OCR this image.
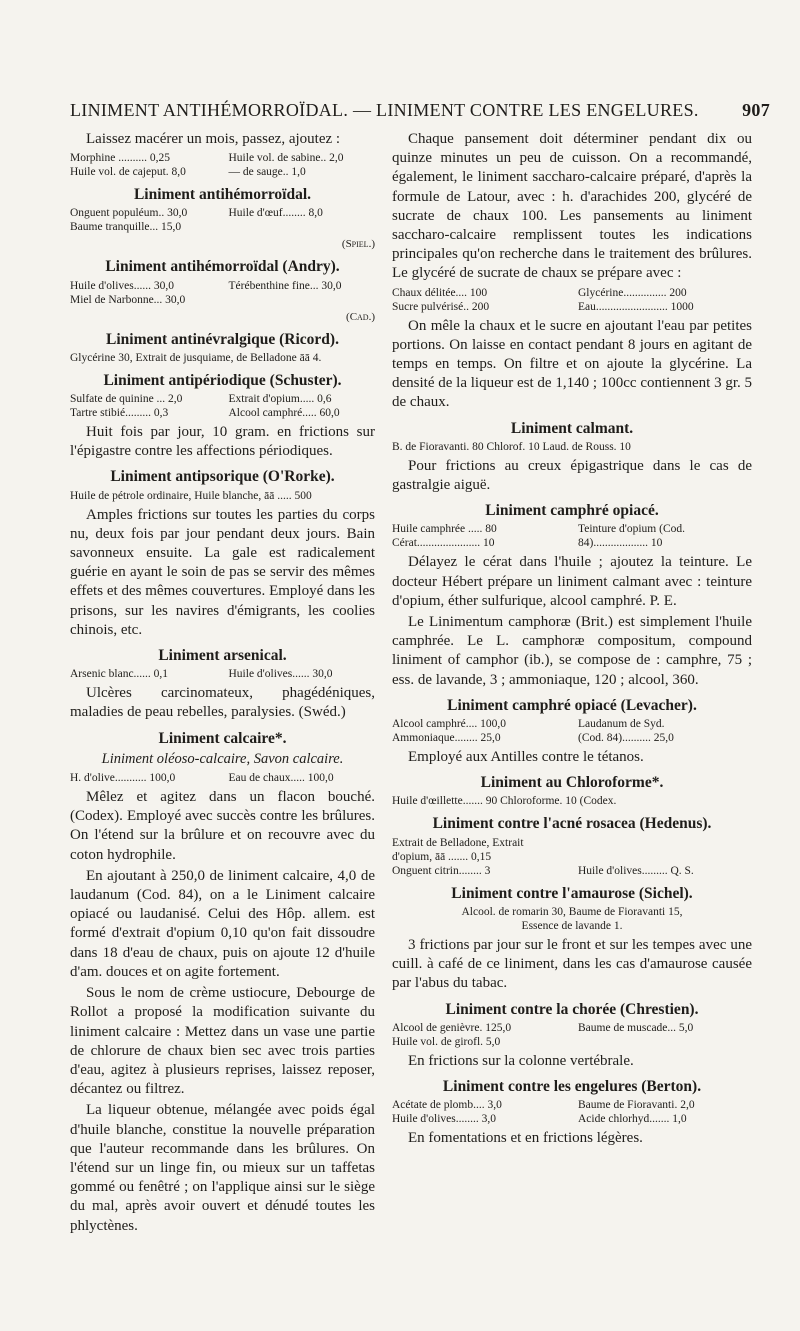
LINIMENT ANTIHÉMORROÏDAL. — LINIMENT CONTRE LES ENGELURES. 907

Laissez macérer un mois, passez, ajoutez :

Morphine .......... 0,25	Huile vol. de sabine.. 2,0
Huile vol. de cajeput. 8,0	— de sauge.. 1,0
Liniment antihémorroïdal.
Onguent populéum.. 30,0	Huile d'œuf........ 8,0
Baume tranquille... 15,0
(Spiel.)
Liniment antihémorroïdal (Andry).
Huile d'olives...... 30,0	Térébenthine fine... 30,0
Miel de Narbonne... 30,0
(Cad.)
Liniment antinévralgique (Ricord).
Glycérine 30, Extrait de jusquiame, de Belladone āā 4.
Liniment antipériodique (Schuster).
Sulfate de quinine ... 2,0	Extrait d'opium..... 0,6
Tartre stibié......... 0,3	Alcool camphré..... 60,0

Huit fois par jour, 10 gram. en frictions sur l'épigastre contre les affections périodiques.

Liniment antipsorique (O'Rorke).
Huile de pétrole ordinaire, Huile blanche, āā ..... 500

Amples frictions sur toutes les parties du corps nu, deux fois par jour pendant deux jours. Bain savonneux ensuite. La gale est radicalement guérie en ayant le soin de pas se servir des mêmes effets et des mêmes couvertures. Employé dans les prisons, sur les navires d'émigrants, les coolies chinois, etc.

Liniment arsenical.
Arsenic blanc...... 0,1	Huile d'olives...... 30,0

Ulcères carcinomateux, phagédéniques, maladies de peau rebelles, paralysies. (Swéd.)

Liniment calcaire*.
Liniment oléoso-calcaire, Savon calcaire.
H. d'olive........... 100,0	Eau de chaux..... 100,0

Mêlez et agitez dans un flacon bouché. (Codex). Employé avec succès contre les brûlures. On l'étend sur la brûlure et on recouvre avec du coton hydrophile.

En ajoutant à 250,0 de liniment calcaire, 4,0 de laudanum (Cod. 84), on a le Liniment calcaire opiacé ou laudanisé. Celui des Hôp. allem. est formé d'extrait d'opium 0,10 qu'on fait dissoudre dans 18 d'eau de chaux, puis on ajoute 12 d'huile d'am. douces et on agite fortement.

Sous le nom de crème ustiocure, Debourge de Rollot a proposé la modification suivante du liniment calcaire : Mettez dans un vase une partie de chlorure de chaux bien sec avec trois parties d'eau, agitez à plusieurs reprises, laissez reposer, décantez ou filtrez.

La liqueur obtenue, mélangée avec poids égal d'huile blanche, constitue la nouvelle préparation que l'auteur recommande dans les brûlures. On l'étend sur un linge fin, ou mieux sur un taffetas gommé ou fenêtré ; on l'applique ainsi sur le siège du mal, après avoir ouvert et dénudé toutes les phlyctènes.

Chaque pansement doit déterminer pendant dix ou quinze minutes un peu de cuisson. On a recommandé, également, le liniment saccharo-calcaire préparé, d'après la formule de Latour, avec : h. d'arachides 200, glycéré de sucrate de chaux 100. Les pansements au liniment saccharo-calcaire remplissent toutes les indications principales qu'on recherche dans le traitement des brûlures. Le glycéré de sucrate de chaux se prépare avec :

Chaux délitée.... 100	Glycérine............... 200
Sucre pulvérisé.. 200	Eau......................... 1000

On mêle la chaux et le sucre en ajoutant l'eau par petites portions. On laisse en contact pendant 8 jours en agitant de temps en temps. On filtre et on ajoute la glycérine. La densité de la liqueur est de 1,140 ; 100cc contiennent 3 gr. 5 de chaux.

Liniment calmant.
B. de Fioravanti. 80 Chlorof. 10 Laud. de Rouss. 10

Pour frictions au creux épigastrique dans le cas de gastralgie aiguë.

Liniment camphré opiacé.
Huile camphrée ..... 80	Teinture d'opium (Cod.
Cérat...................... 10	84)................... 10

Délayez le cérat dans l'huile ; ajoutez la teinture. Le docteur Hébert prépare un liniment calmant avec : teinture d'opium, éther sulfurique, alcool camphré. P. E.

Le Linimentum camphoræ (Brit.) est simplement l'huile camphrée. Le L. camphoræ compositum, compound liniment of camphor (ib.), se compose de : camphre, 75 ; ess. de lavande, 3 ; ammoniaque, 120 ; alcool, 360.

Liniment camphré opiacé (Levacher).
Alcool camphré.... 100,0	Laudanum de Syd.
Ammoniaque........ 25,0	(Cod. 84).......... 25,0

Employé aux Antilles contre le tétanos.

Liniment au Chloroforme*.
Huile d'œillette....... 90 Chloroforme. 10 (Codex.
Liniment contre l'acné rosacea (Hedenus).
Extrait de Belladone, Extrait d'opium, āā ....... 0,15
Onguent citrin........ 3	Huile d'olives......... Q. S.
Liniment contre l'amaurose (Sichel).
Alcool. de romarin 30, Baume de Fioravanti 15,
Essence de lavande 1.

3 frictions par jour sur le front et sur les tempes avec une cuill. à café de ce liniment, dans les cas d'amaurose causée par l'abus du tabac.

Liniment contre la chorée (Chrestien).
Alcool de genièvre. 125,0	Baume de muscade... 5,0
Huile vol. de girofl. 5,0

En frictions sur la colonne vertébrale.

Liniment contre les engelures (Berton).
Acétate de plomb.... 3,0	Baume de Fioravanti. 2,0
Huile d'olives........ 3,0	Acide chlorhyd....... 1,0

En fomentations et en frictions légères.
